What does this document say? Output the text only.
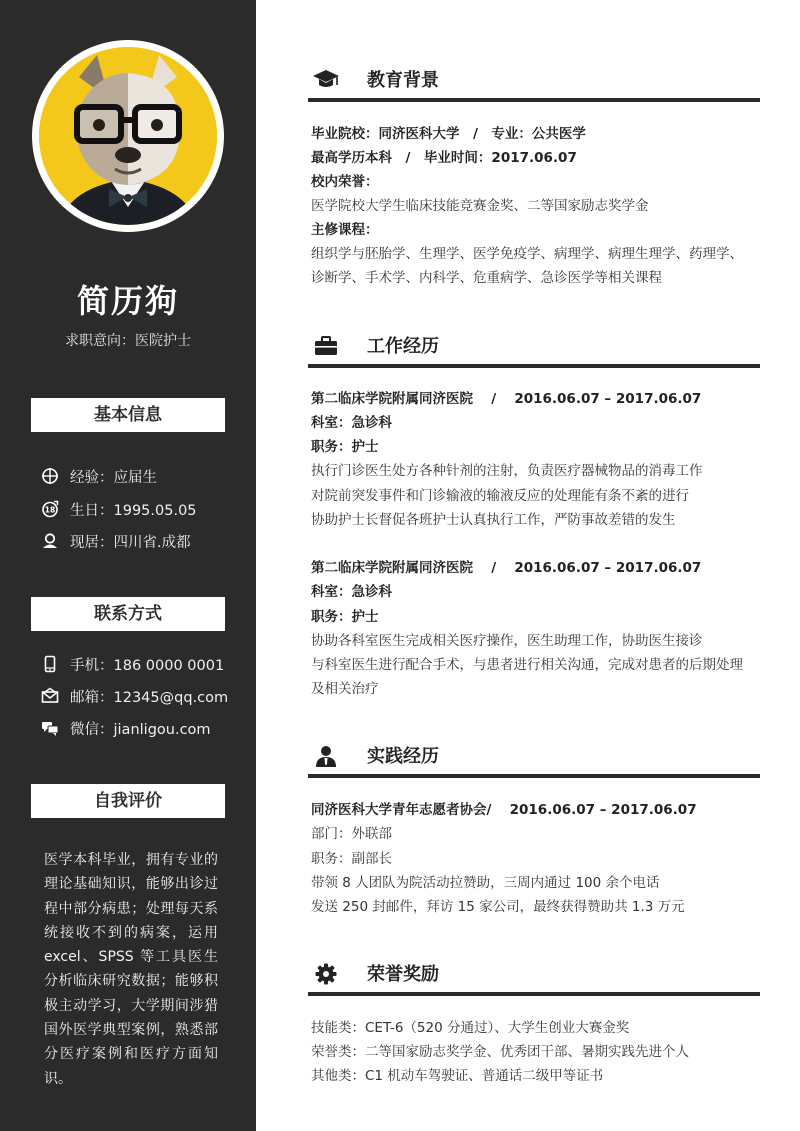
简历狗
求职意向：医院护士
基本信息
经验：应届生
18 生日：1995.05.05
现居：四川省.成都
联系方式
手机：186 0000 0001
邮箱：12345@qq.com
微信：jianligou.com
自我评价
医学本科毕业，拥有专业的理论基础知识，能够出诊过程中部分病患；处理每天系统接收不到的病案，运用excel、SPSS 等工具医生分析临床研究数据；能够积极主动学习，大学期间涉猎国外医学典型案例，熟悉部分医疗案例和医疗方面知识。
教育背景
毕业院校：同济医科大学　/　专业：公共医学
最高学历本科　/　毕业时间：2017.06.07
校内荣誉：
医学院校大学生临床技能竞赛金奖、二等国家励志奖学金
主修课程：
组织学与胚胎学、生理学、医学免疫学、病理学、病理生理学、药理学、
诊断学、手术学、内科学、危重病学、急诊医学等相关课程
工作经历
第二临床学院附属同济医院　 /　 2016.06.07 – 2017.06.07
科室：急诊科
职务：护士
执行门诊医生处方各种针剂的注射，负责医疗器械物品的消毒工作
对院前突发事件和门诊输液的输液反应的处理能有条不紊的进行
协助护士长督促各班护士认真执行工作，严防事故差错的发生
第二临床学院附属同济医院　 /　 2016.06.07 – 2017.06.07
科室：急诊科
职务：护士
协助各科室医生完成相关医疗操作，医生助理工作，协助医生接诊
与科室医生进行配合手术，与患者进行相关沟通，完成对患者的后期处理
及相关治疗
实践经历
同济医科大学青年志愿者协会/　 2016.06.07 – 2017.06.07
部门：外联部
职务：副部长
带领 8 人团队为院活动拉赞助，三周内通过 100 余个电话
发送 250 封邮件，拜访 15 家公司，最终获得赞助共 1.3 万元
荣誉奖励
技能类：CET-6（520 分通过）、大学生创业大赛金奖
荣誉类：二等国家励志奖学金、优秀团干部、暑期实践先进个人
其他类：C1 机动车驾驶证、普通话二级甲等证书
